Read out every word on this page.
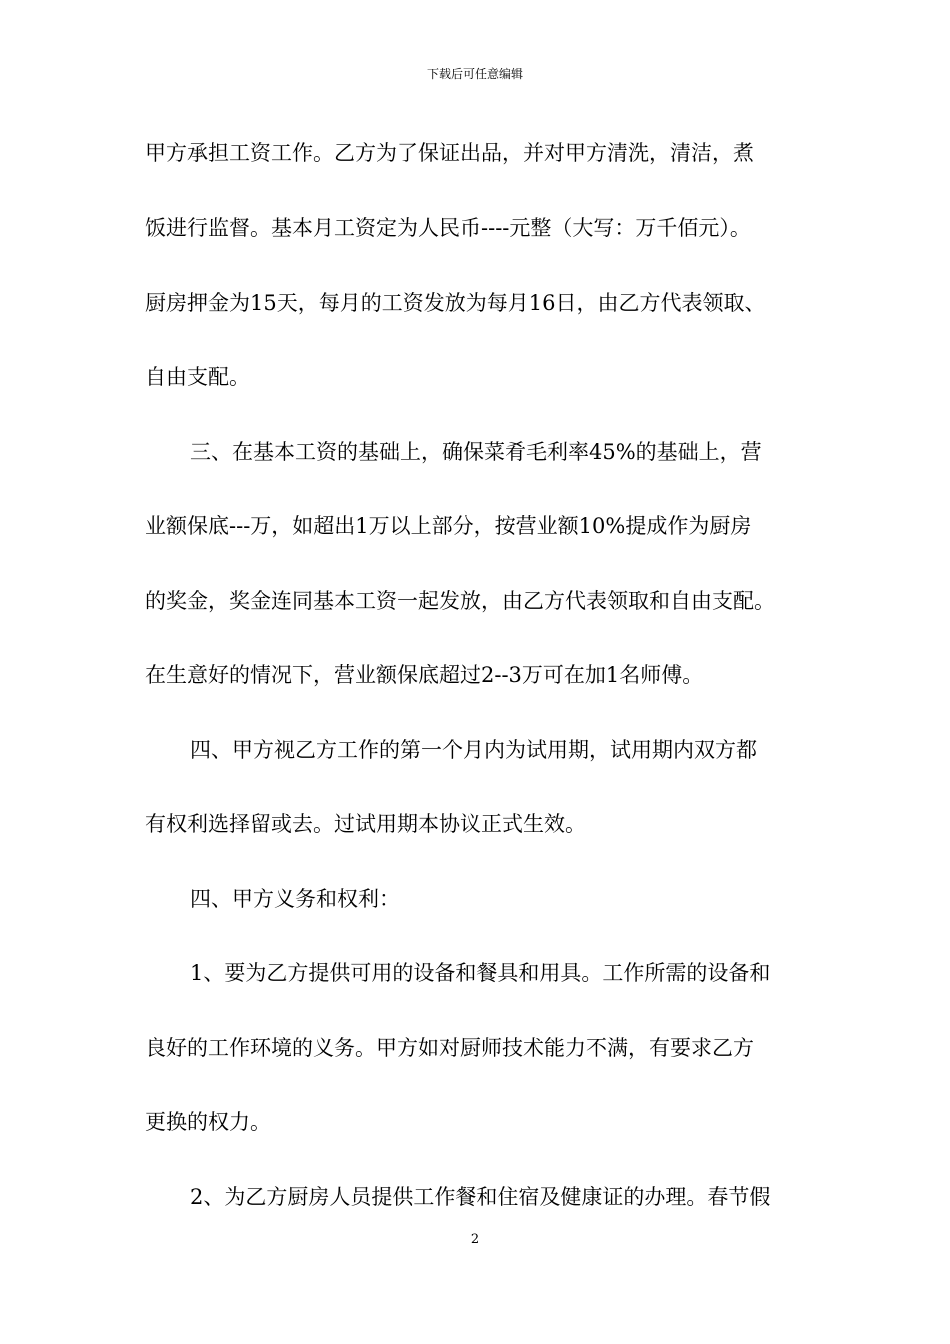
下载后可任意编辑
甲方承担工资工作。乙方为了保证出品，并对甲方清洗，清洁，煮
饭进行监督。基本月工资定为人民币----元整（大写：万千佰元）。
厨房押金为15天，每月的工资发放为每月16日，由乙方代表领取、
自由支配。
三、在基本工资的基础上，确保菜肴毛利率45%的基础上，营
业额保底---万，如超出1万以上部分，按营业额10%提成作为厨房
的奖金，奖金连同基本工资一起发放，由乙方代表领取和自由支配。
在生意好的情况下，营业额保底超过2--3万可在加1名师傅。
四、甲方视乙方工作的第一个月内为试用期，试用期内双方都
有权利选择留或去。过试用期本协议正式生效。
四、甲方义务和权利：
1、要为乙方提供可用的设备和餐具和用具。工作所需的设备和
良好的工作环境的义务。甲方如对厨师技术能力不满，有要求乙方
更换的权力。
2、为乙方厨房人员提供工作餐和住宿及健康证的办理。春节假
2
